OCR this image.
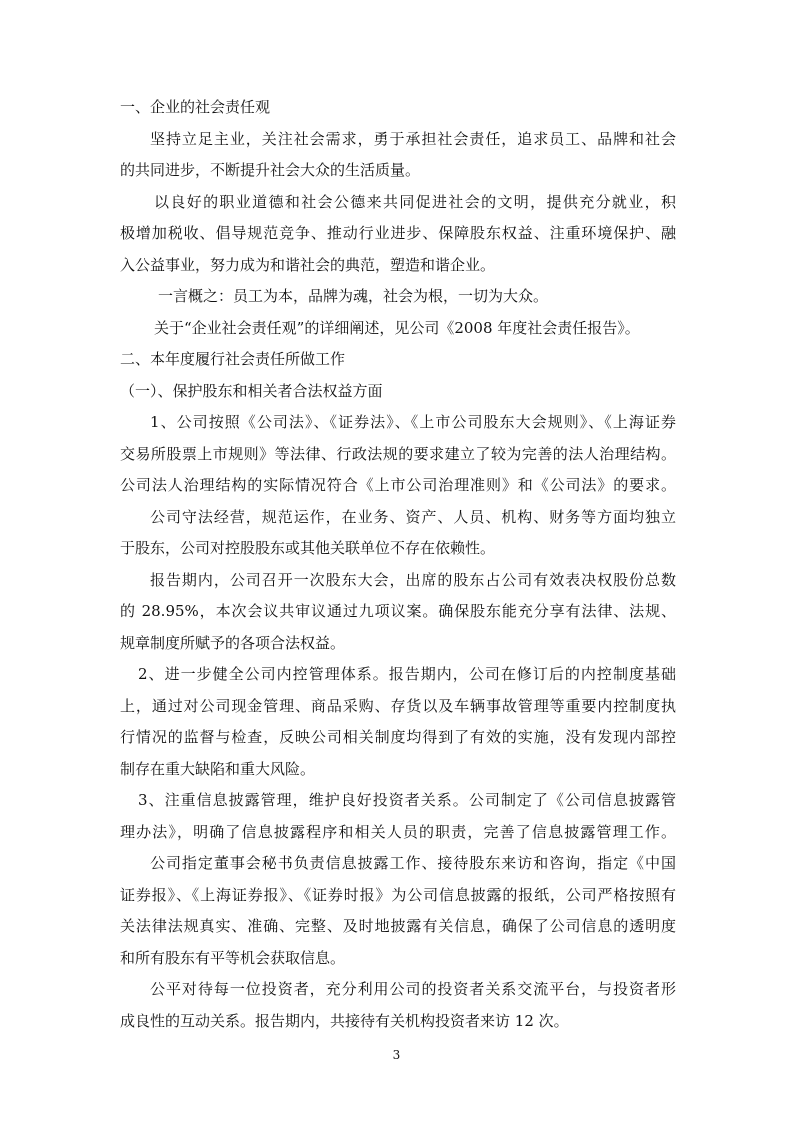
一、企业的社会责任观
坚持立足主业，关注社会需求，勇于承担社会责任，追求员工、品牌和社会
的共同进步，不断提升社会大众的生活质量。
以良好的职业道德和社会公德来共同促进社会的文明，提供充分就业，积
极增加税收、倡导规范竞争、推动行业进步、保障股东权益、注重环境保护、融
入公益事业，努力成为和谐社会的典范，塑造和谐企业。
一言概之：员工为本，品牌为魂，社会为根，一切为大众。
关于“企业社会责任观”的详细阐述，见公司《2008 年度社会责任报告》。
二、本年度履行社会责任所做工作
（一）、保护股东和相关者合法权益方面
1、公司按照《公司法》、《证券法》、《上市公司股东大会规则》、《上海证券
交易所股票上市规则》等法律、行政法规的要求建立了较为完善的法人治理结构。
公司法人治理结构的实际情况符合《上市公司治理准则》和《公司法》的要求。
公司守法经营，规范运作，在业务、资产、人员、机构、财务等方面均独立
于股东，公司对控股股东或其他关联单位不存在依赖性。
报告期内，公司召开一次股东大会，出席的股东占公司有效表决权股份总数
的 28.95%，本次会议共审议通过九项议案。确保股东能充分享有法律、法规、
规章制度所赋予的各项合法权益。
2、进一步健全公司内控管理体系。报告期内，公司在修订后的内控制度基础
上，通过对公司现金管理、商品采购、存货以及车辆事故管理等重要内控制度执
行情况的监督与检查，反映公司相关制度均得到了有效的实施，没有发现内部控
制存在重大缺陷和重大风险。
3、注重信息披露管理，维护良好投资者关系。公司制定了《公司信息披露管
理办法》，明确了信息披露程序和相关人员的职责，完善了信息披露管理工作。
公司指定董事会秘书负责信息披露工作、接待股东来访和咨询，指定《中国
证券报》、《上海证券报》、《证券时报》为公司信息披露的报纸，公司严格按照有
关法律法规真实、准确、完整、及时地披露有关信息，确保了公司信息的透明度
和所有股东有平等机会获取信息。
公平对待每一位投资者，充分利用公司的投资者关系交流平台，与投资者形
成良性的互动关系。报告期内，共接待有关机构投资者来访 12 次。
3
